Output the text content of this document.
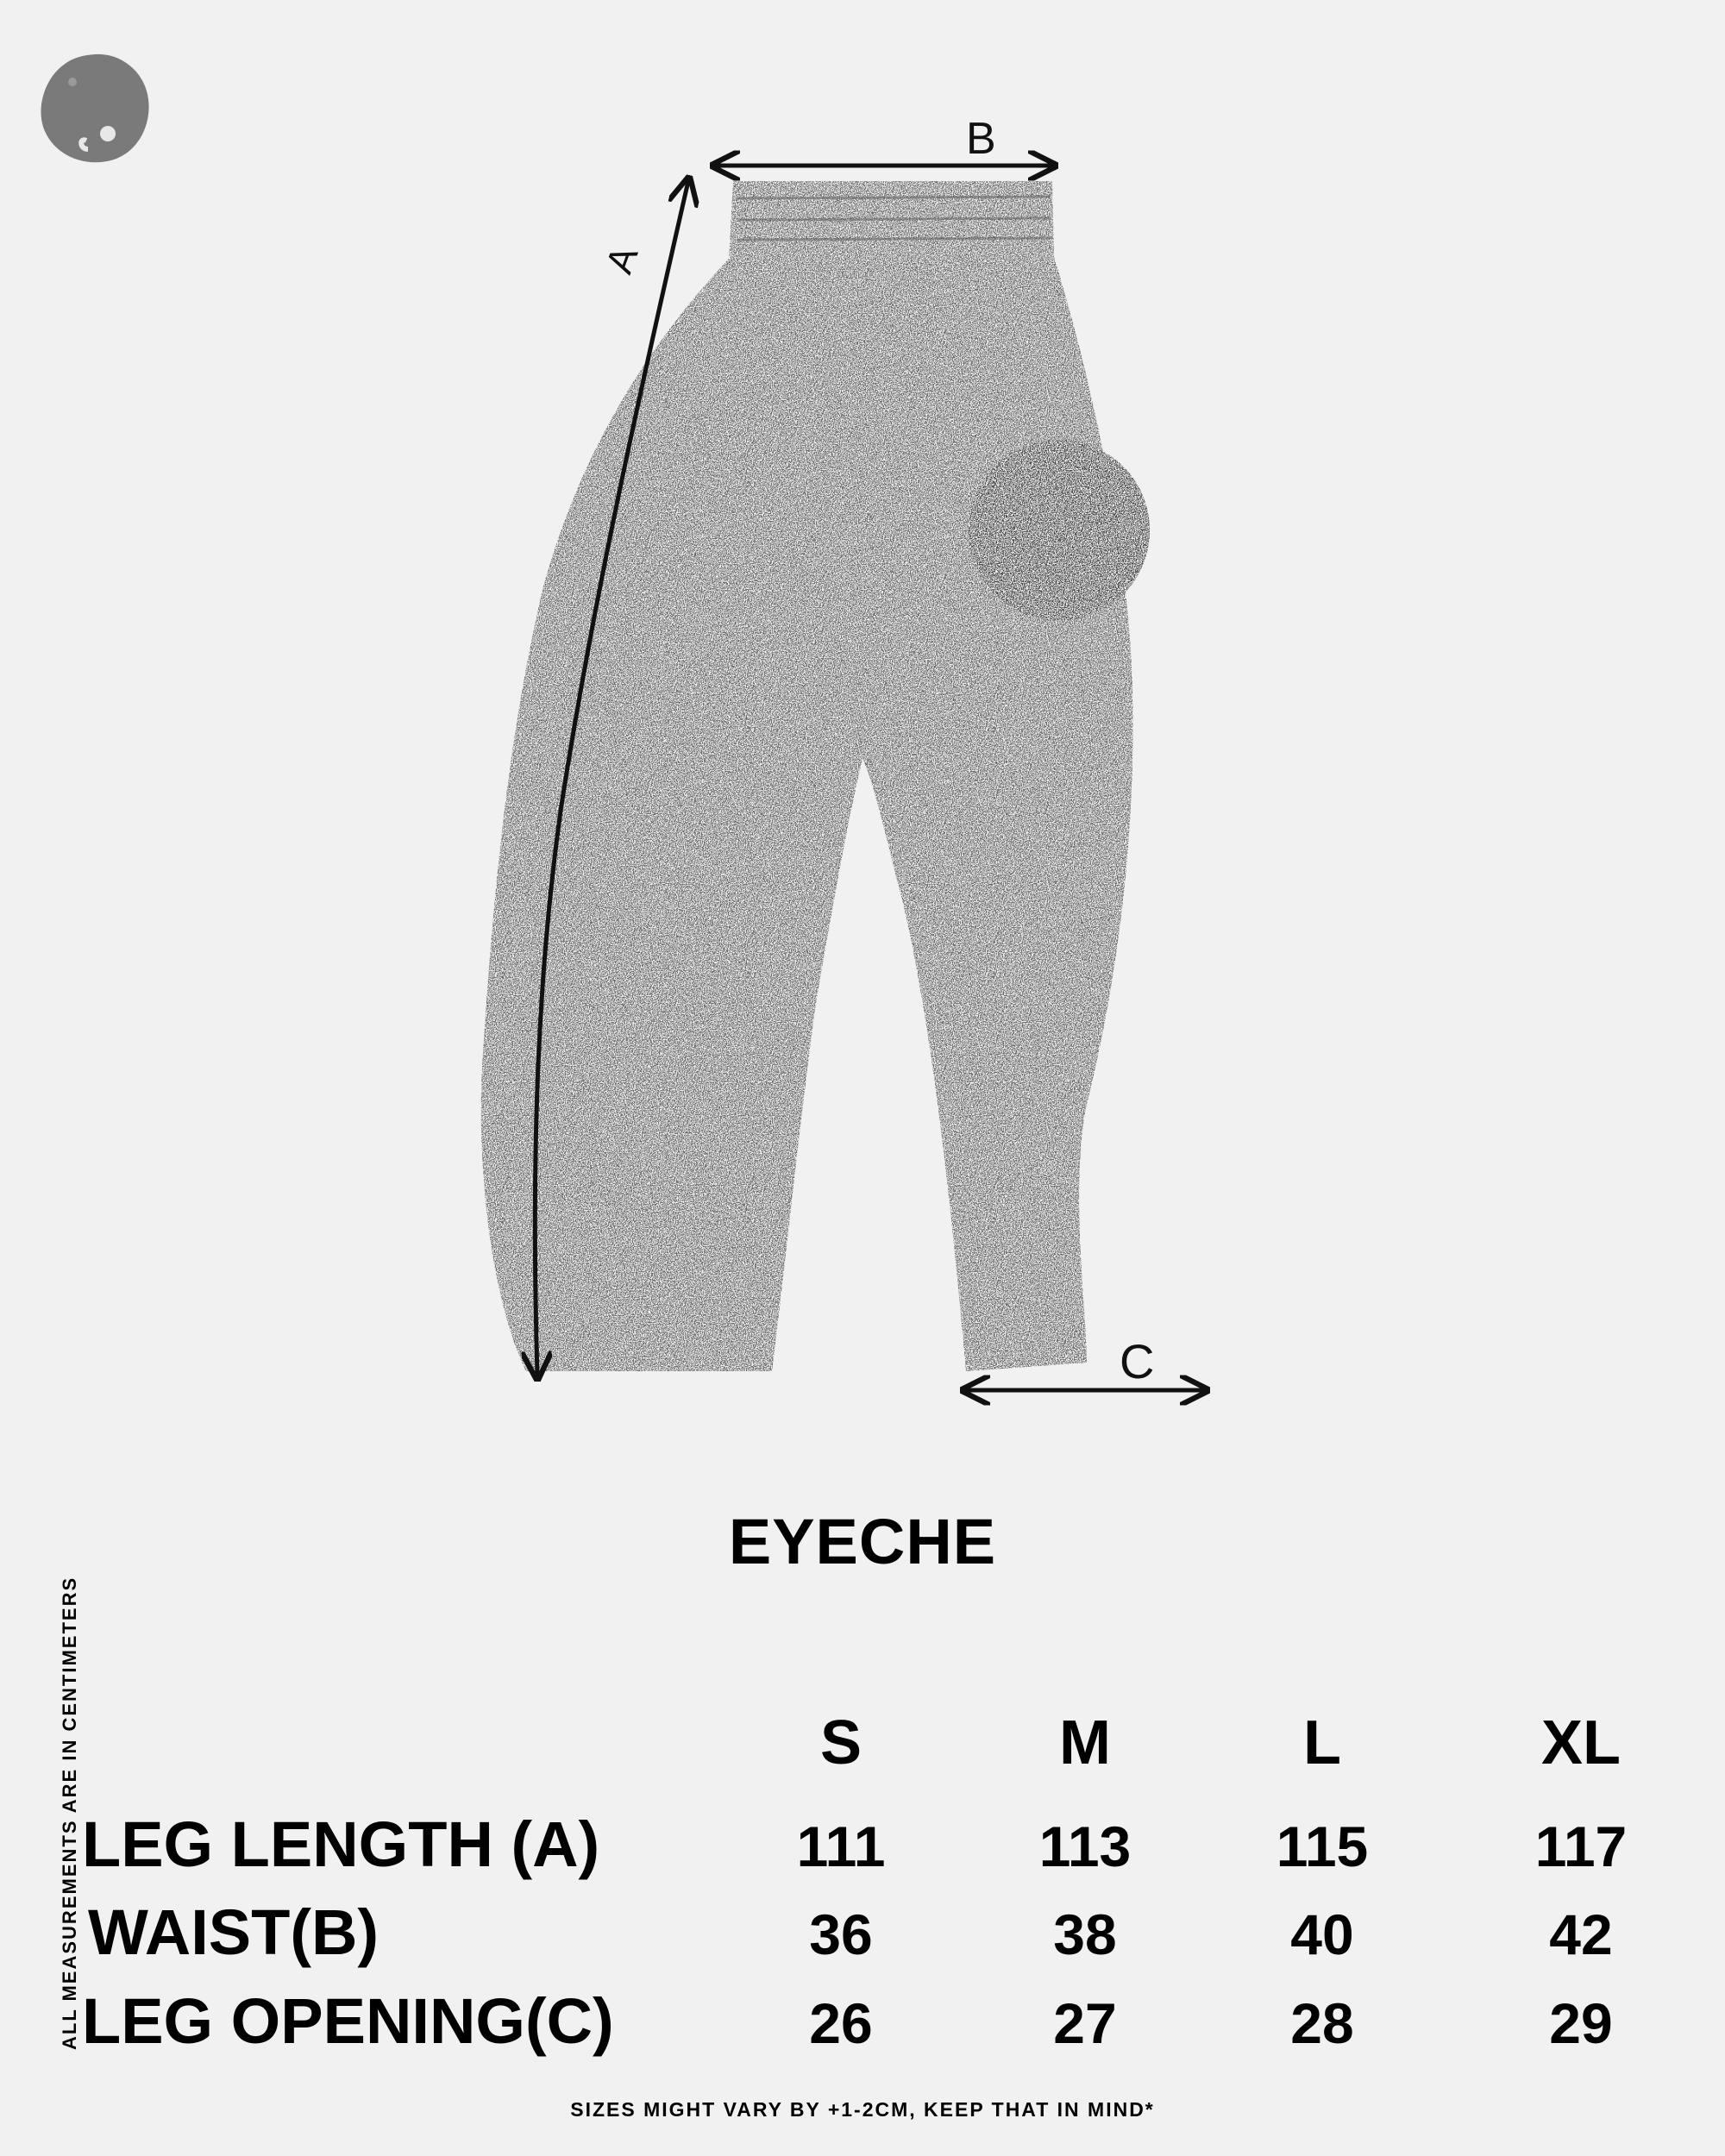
A
B
C
EYECHE
ALL MEASUREMENTS ARE IN CENTIMETERS	S	M	L	XL
LEG LENGTH (A)	111	113	115	117
WAIST(B)	36	38	40	42
LEG OPENING(C)	26	27	28	29
SIZES MIGHT VARY BY +1-2CM, KEEP THAT IN MIND*
